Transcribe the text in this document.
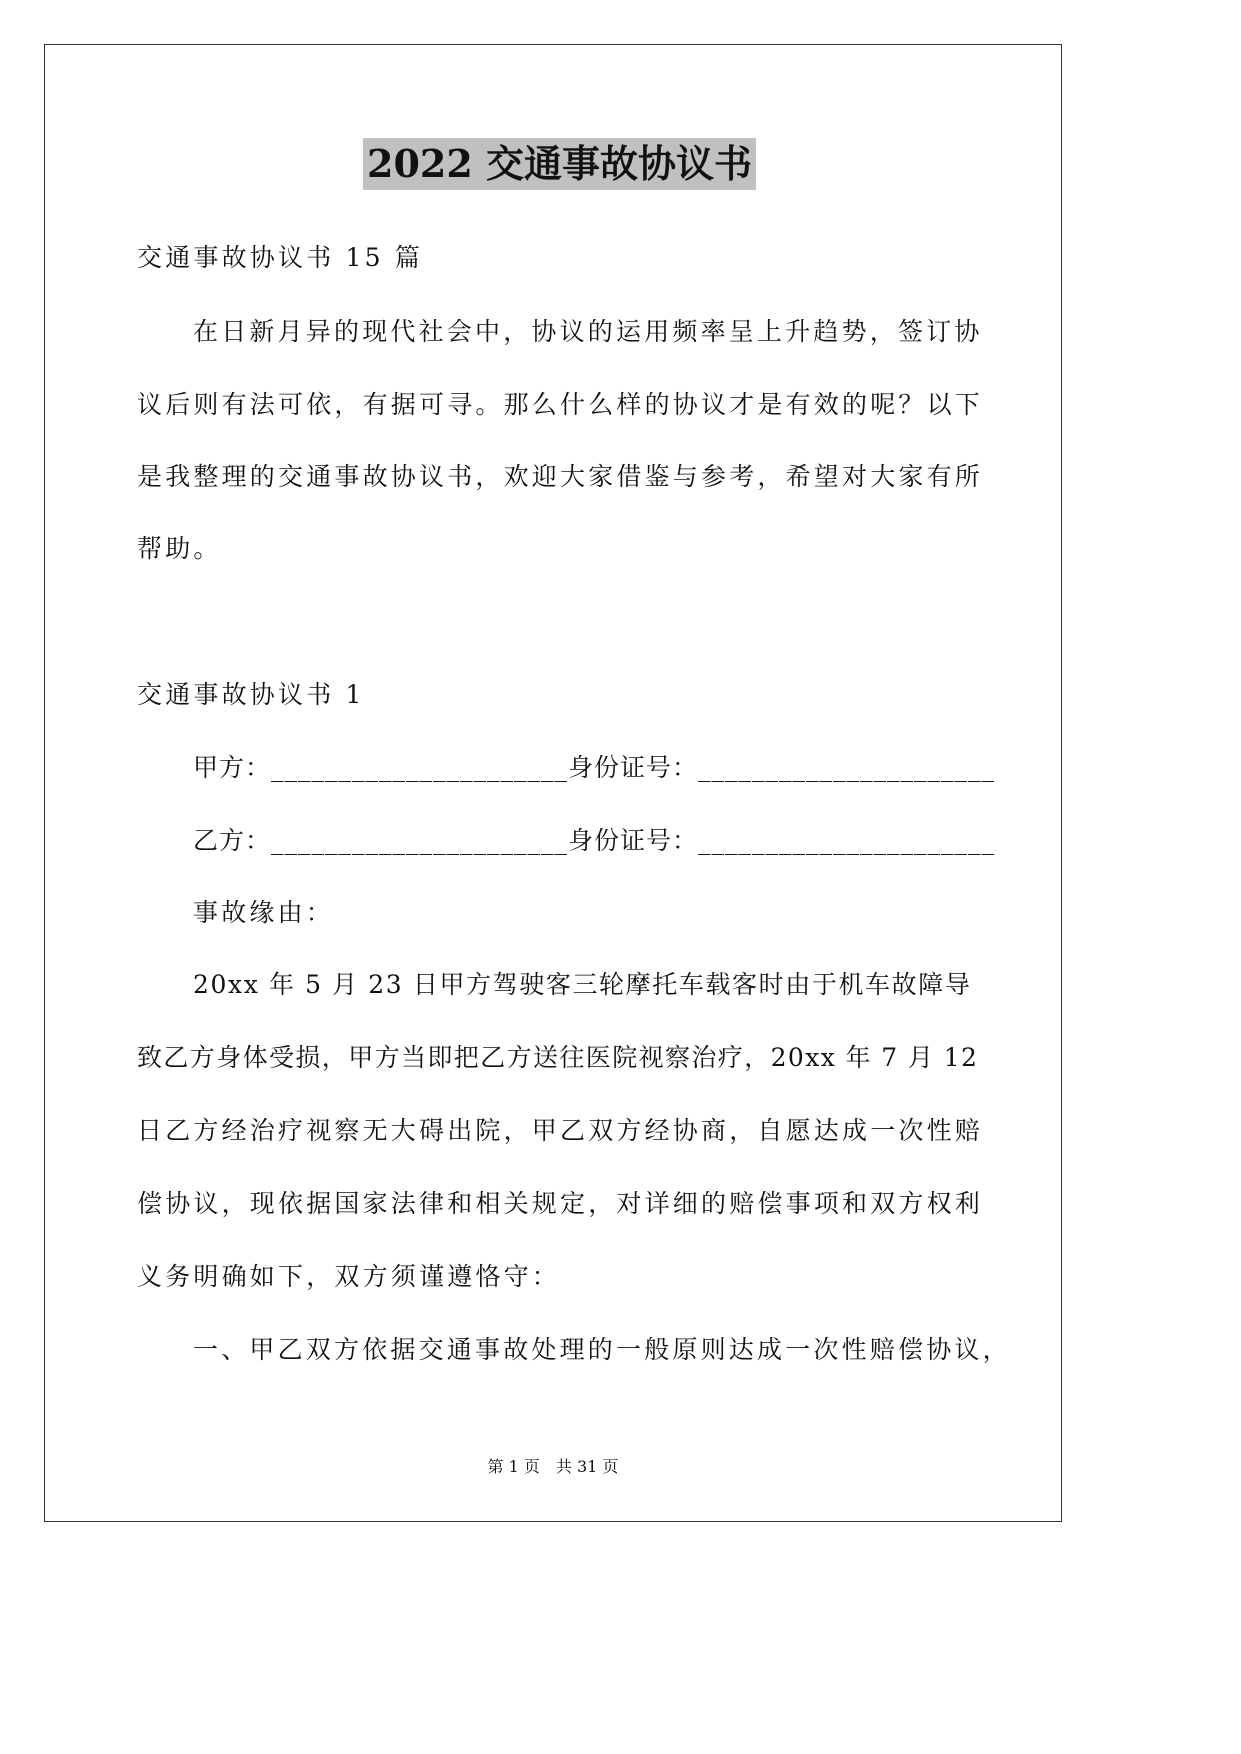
2022 交通事故协议书
交通事故协议书 15 篇
在日新月异的现代社会中，协议的运用频率呈上升趋势，签订协
议后则有法可依，有据可寻。那么什么样的协议才是有效的呢？以下
是我整理的交通事故协议书，欢迎大家借鉴与参考，希望对大家有所
帮助。
交通事故协议书 1
甲方：______________________身份证号：______________________
乙方：______________________身份证号：______________________
事故缘由：
20xx 年 5 月 23 日甲方驾驶客三轮摩托车载客时由于机车故障导
致乙方身体受损，甲方当即把乙方送往医院视察治疗，20xx 年 7 月 12
日乙方经治疗视察无大碍出院，甲乙双方经协商，自愿达成一次性赔
偿协议，现依据国家法律和相关规定，对详细的赔偿事项和双方权利
义务明确如下，双方须谨遵恪守：
一、甲乙双方依据交通事故处理的一般原则达成一次性赔偿协议，
第 1 页　共 31 页
